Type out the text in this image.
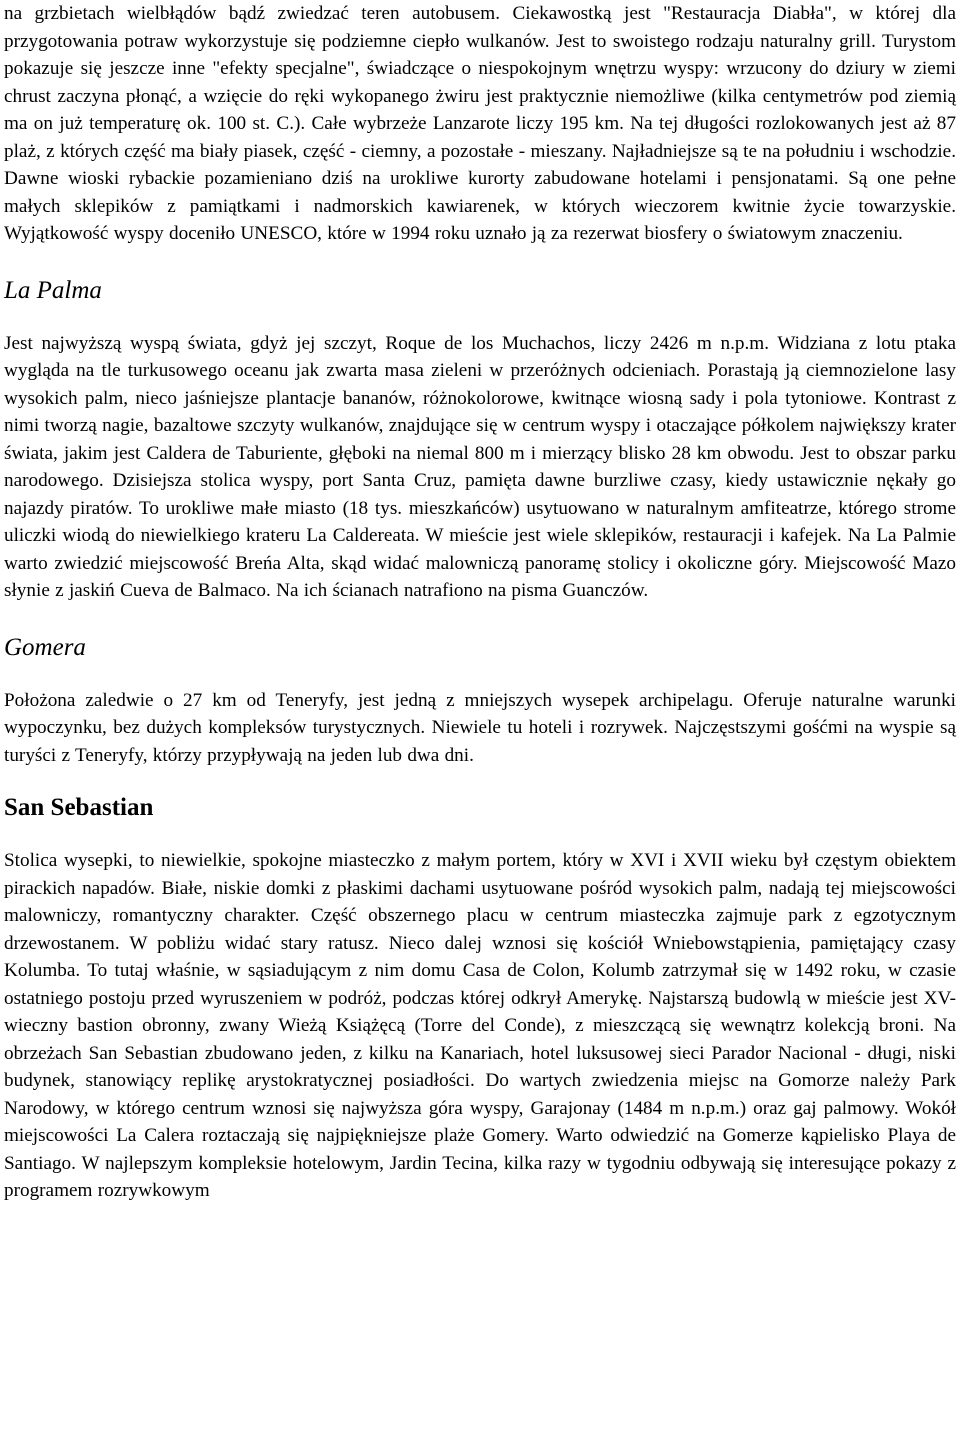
na grzbietach wielbłądów bądź zwiedzać teren autobusem. Ciekawostką jest "Restauracja Diabła", w której dla przygotowania potraw wykorzystuje się podziemne ciepło wulkanów. Jest to swoistego rodzaju naturalny grill. Turystom pokazuje się jeszcze inne "efekty specjalne", świadczące o niespokojnym wnętrzu wyspy: wrzucony do dziury w ziemi chrust zaczyna płonąć, a wzięcie do ręki wykopanego żwiru jest praktycznie niemożliwe (kilka centymetrów pod ziemią ma on już temperaturę ok. 100 st. C.). Całe wybrzeże Lanzarote liczy 195 km. Na tej długości rozlokowanych jest aż 87 plaż, z których część ma biały piasek, część - ciemny, a pozostałe - mieszany. Najładniejsze są te na południu i wschodzie. Dawne wioski rybackie pozamieniano dziś na urokliwe kurorty zabudowane hotelami i pensjonatami. Są one pełne małych sklepików z pamiątkami i nadmorskich kawiarenek, w których wieczorem kwitnie życie towarzyskie. Wyjątkowość wyspy doceniło UNESCO, które w 1994 roku uznało ją za rezerwat biosfery o światowym znaczeniu.

La Palma

Jest najwyższą wyspą świata, gdyż jej szczyt, Roque de los Muchachos, liczy 2426 m n.p.m. Widziana z lotu ptaka wygląda na tle turkusowego oceanu jak zwarta masa zieleni w przeróżnych odcieniach. Porastają ją ciemnozielone lasy wysokich palm, nieco jaśniejsze plantacje bananów, różnokolorowe, kwitnące wiosną sady i pola tytoniowe. Kontrast z nimi tworzą nagie, bazaltowe szczyty wulkanów, znajdujące się w centrum wyspy i otaczające półkolem największy krater świata, jakim jest Caldera de Taburiente, głęboki na niemal 800 m i mierzący blisko 28 km obwodu. Jest to obszar parku narodowego. Dzisiejsza stolica wyspy, port Santa Cruz, pamięta dawne burzliwe czasy, kiedy ustawicznie nękały go najazdy piratów. To urokliwe małe miasto (18 tys. mieszkańców) usytuowano w naturalnym amfiteatrze, którego strome uliczki wiodą do niewielkiego krateru La Caldereata. W mieście jest wiele sklepików, restauracji i kafejek. Na La Palmie warto zwiedzić miejscowość Breńa Alta, skąd widać malowniczą panoramę stolicy i okoliczne góry. Miejscowość Mazo słynie z jaskiń Cueva de Balmaco. Na ich ścianach natrafiono na pisma Guanczów.

Gomera

Położona zaledwie o 27 km od Teneryfy, jest jedną z mniejszych wysepek archipelagu. Oferuje naturalne warunki wypoczynku, bez dużych kompleksów turystycznych. Niewiele tu hoteli i rozrywek. Najczęstszymi gośćmi na wyspie są turyści z Teneryfy, którzy przypływają na jeden lub dwa dni.

San Sebastian

Stolica wysepki, to niewielkie, spokojne miasteczko z małym portem, który w XVI i XVII wieku był częstym obiektem pirackich napadów. Białe, niskie domki z płaskimi dachami usytuowane pośród wysokich palm, nadają tej miejscowości malowniczy, romantyczny charakter. Część obszernego placu w centrum miasteczka zajmuje park z egzotycznym drzewostanem. W pobliżu widać stary ratusz. Nieco dalej wznosi się kościół Wniebowstąpienia, pamiętający czasy Kolumba. To tutaj właśnie, w sąsiadującym z nim domu Casa de Colon, Kolumb zatrzymał się w 1492 roku, w czasie ostatniego postoju przed wyruszeniem w podróż, podczas której odkrył Amerykę. Najstarszą budowlą w mieście jest XV-wieczny bastion obronny, zwany Wieżą Książęcą (Torre del Conde), z mieszczącą się wewnątrz kolekcją broni. Na obrzeżach San Sebastian zbudowano jeden, z kilku na Kanariach, hotel luksusowej sieci Parador Nacional - długi, niski budynek, stanowiący replikę arystokratycznej posiadłości. Do wartych zwiedzenia miejsc na Gomorze należy Park Narodowy, w którego centrum wznosi się najwyższa góra wyspy, Garajonay (1484 m n.p.m.) oraz gaj palmowy. Wokół miejscowości La Calera roztaczają się najpiękniejsze plaże Gomery. Warto odwiedzić na Gomerze kąpielisko Playa de Santiago. W najlepszym kompleksie hotelowym, Jardin Tecina, kilka razy w tygodniu odbywają się interesujące pokazy z programem rozrywkowym
